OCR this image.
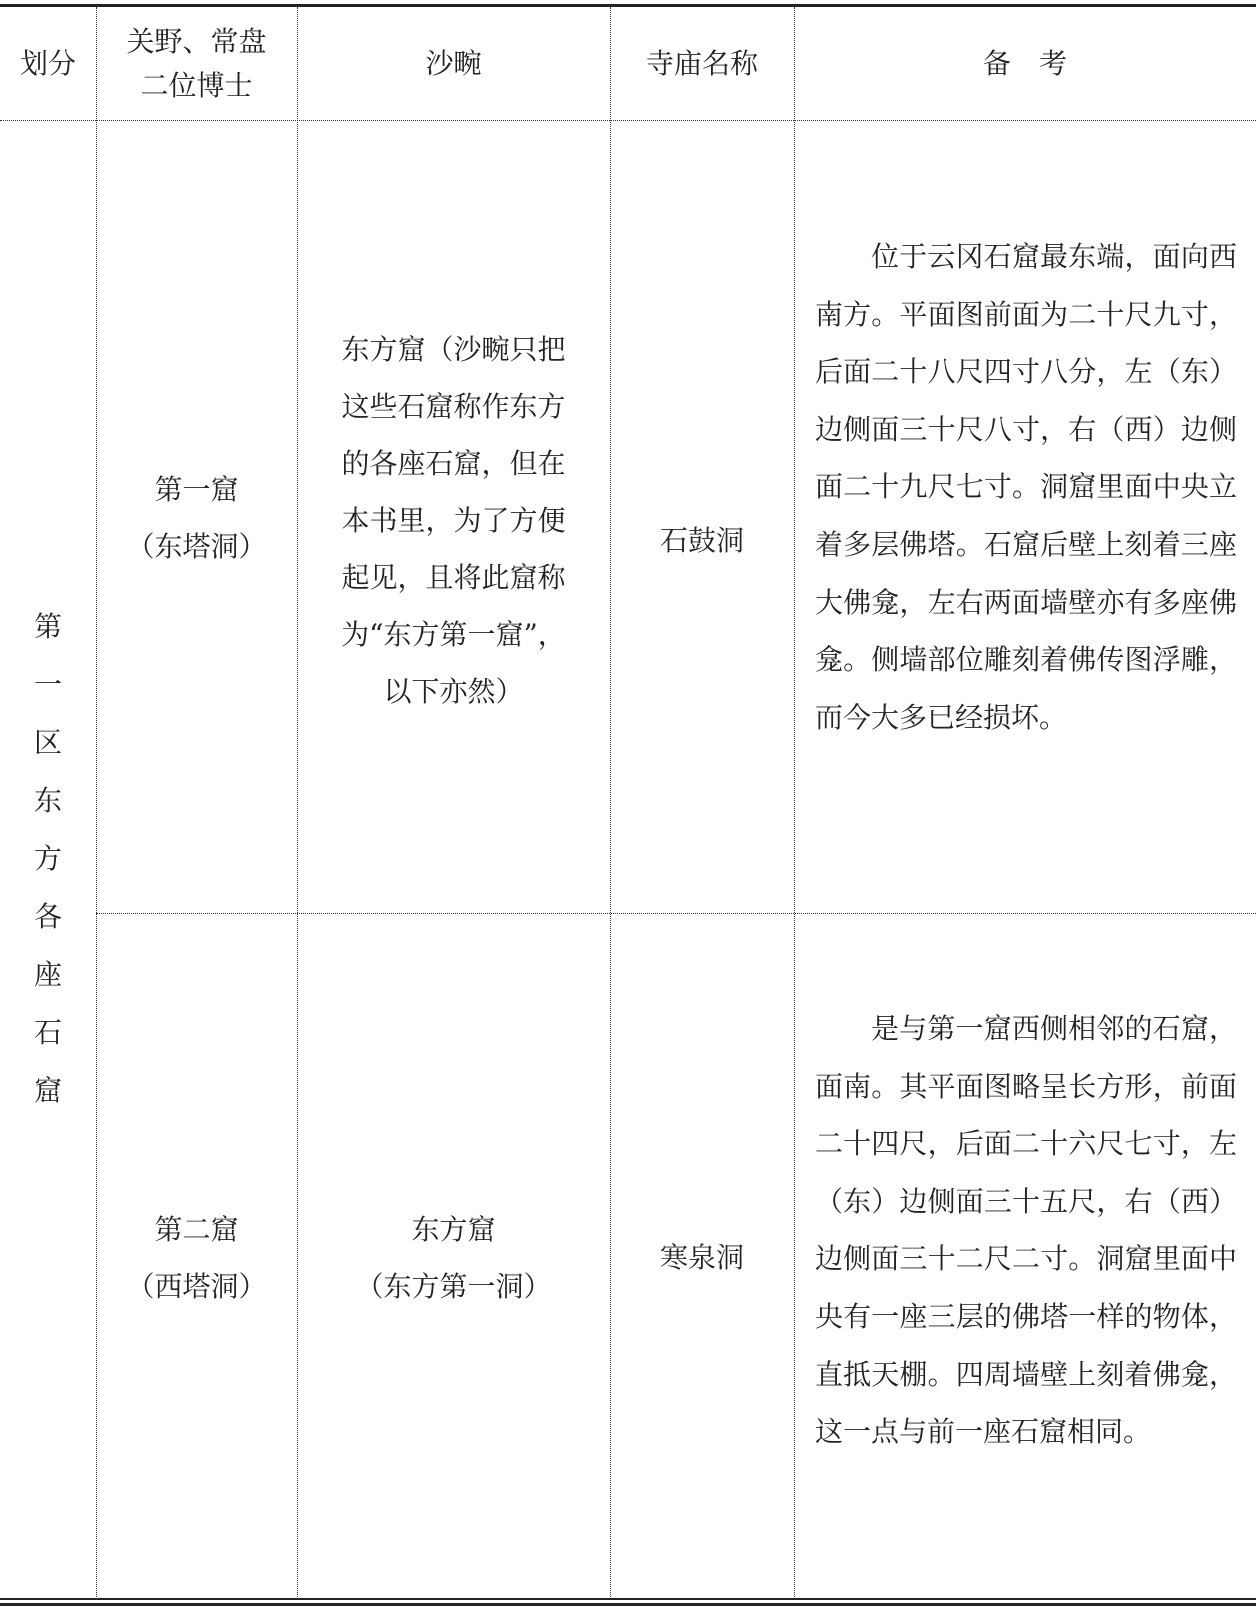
划分
关野、常盘
二位博士
沙畹	寺庙名称	备　考
第
一
区
东
方
各
座
石
窟
第一窟
（东塔洞）
东方窟（沙畹只把
这些石窟称作东方
的各座石窟，但在
本书里，为了方便
起见，且将此窟称
为“东方第一窟”，
以下亦然）
石鼓洞

位于云冈石窟最东端，面向西南方。平面图前面为二十尺九寸，后面二十八尺四寸八分，左（东）边侧面三十尺八寸，右（西）边侧面二十九尺七寸。洞窟里面中央立着多层佛塔。石窟后壁上刻着三座大佛龛，左右两面墙壁亦有多座佛龛。侧墙部位雕刻着佛传图浮雕，而今大多已经损坏。

第二窟
（西塔洞）
东方窟
（东方第一洞）
寒泉洞

是与第一窟西侧相邻的石窟，面南。其平面图略呈长方形，前面二十四尺，后面二十六尺七寸，左（东）边侧面三十五尺，右（西）边侧面三十二尺二寸。洞窟里面中央有一座三层的佛塔一样的物体，直抵天棚。四周墙壁上刻着佛龛，这一点与前一座石窟相同。
